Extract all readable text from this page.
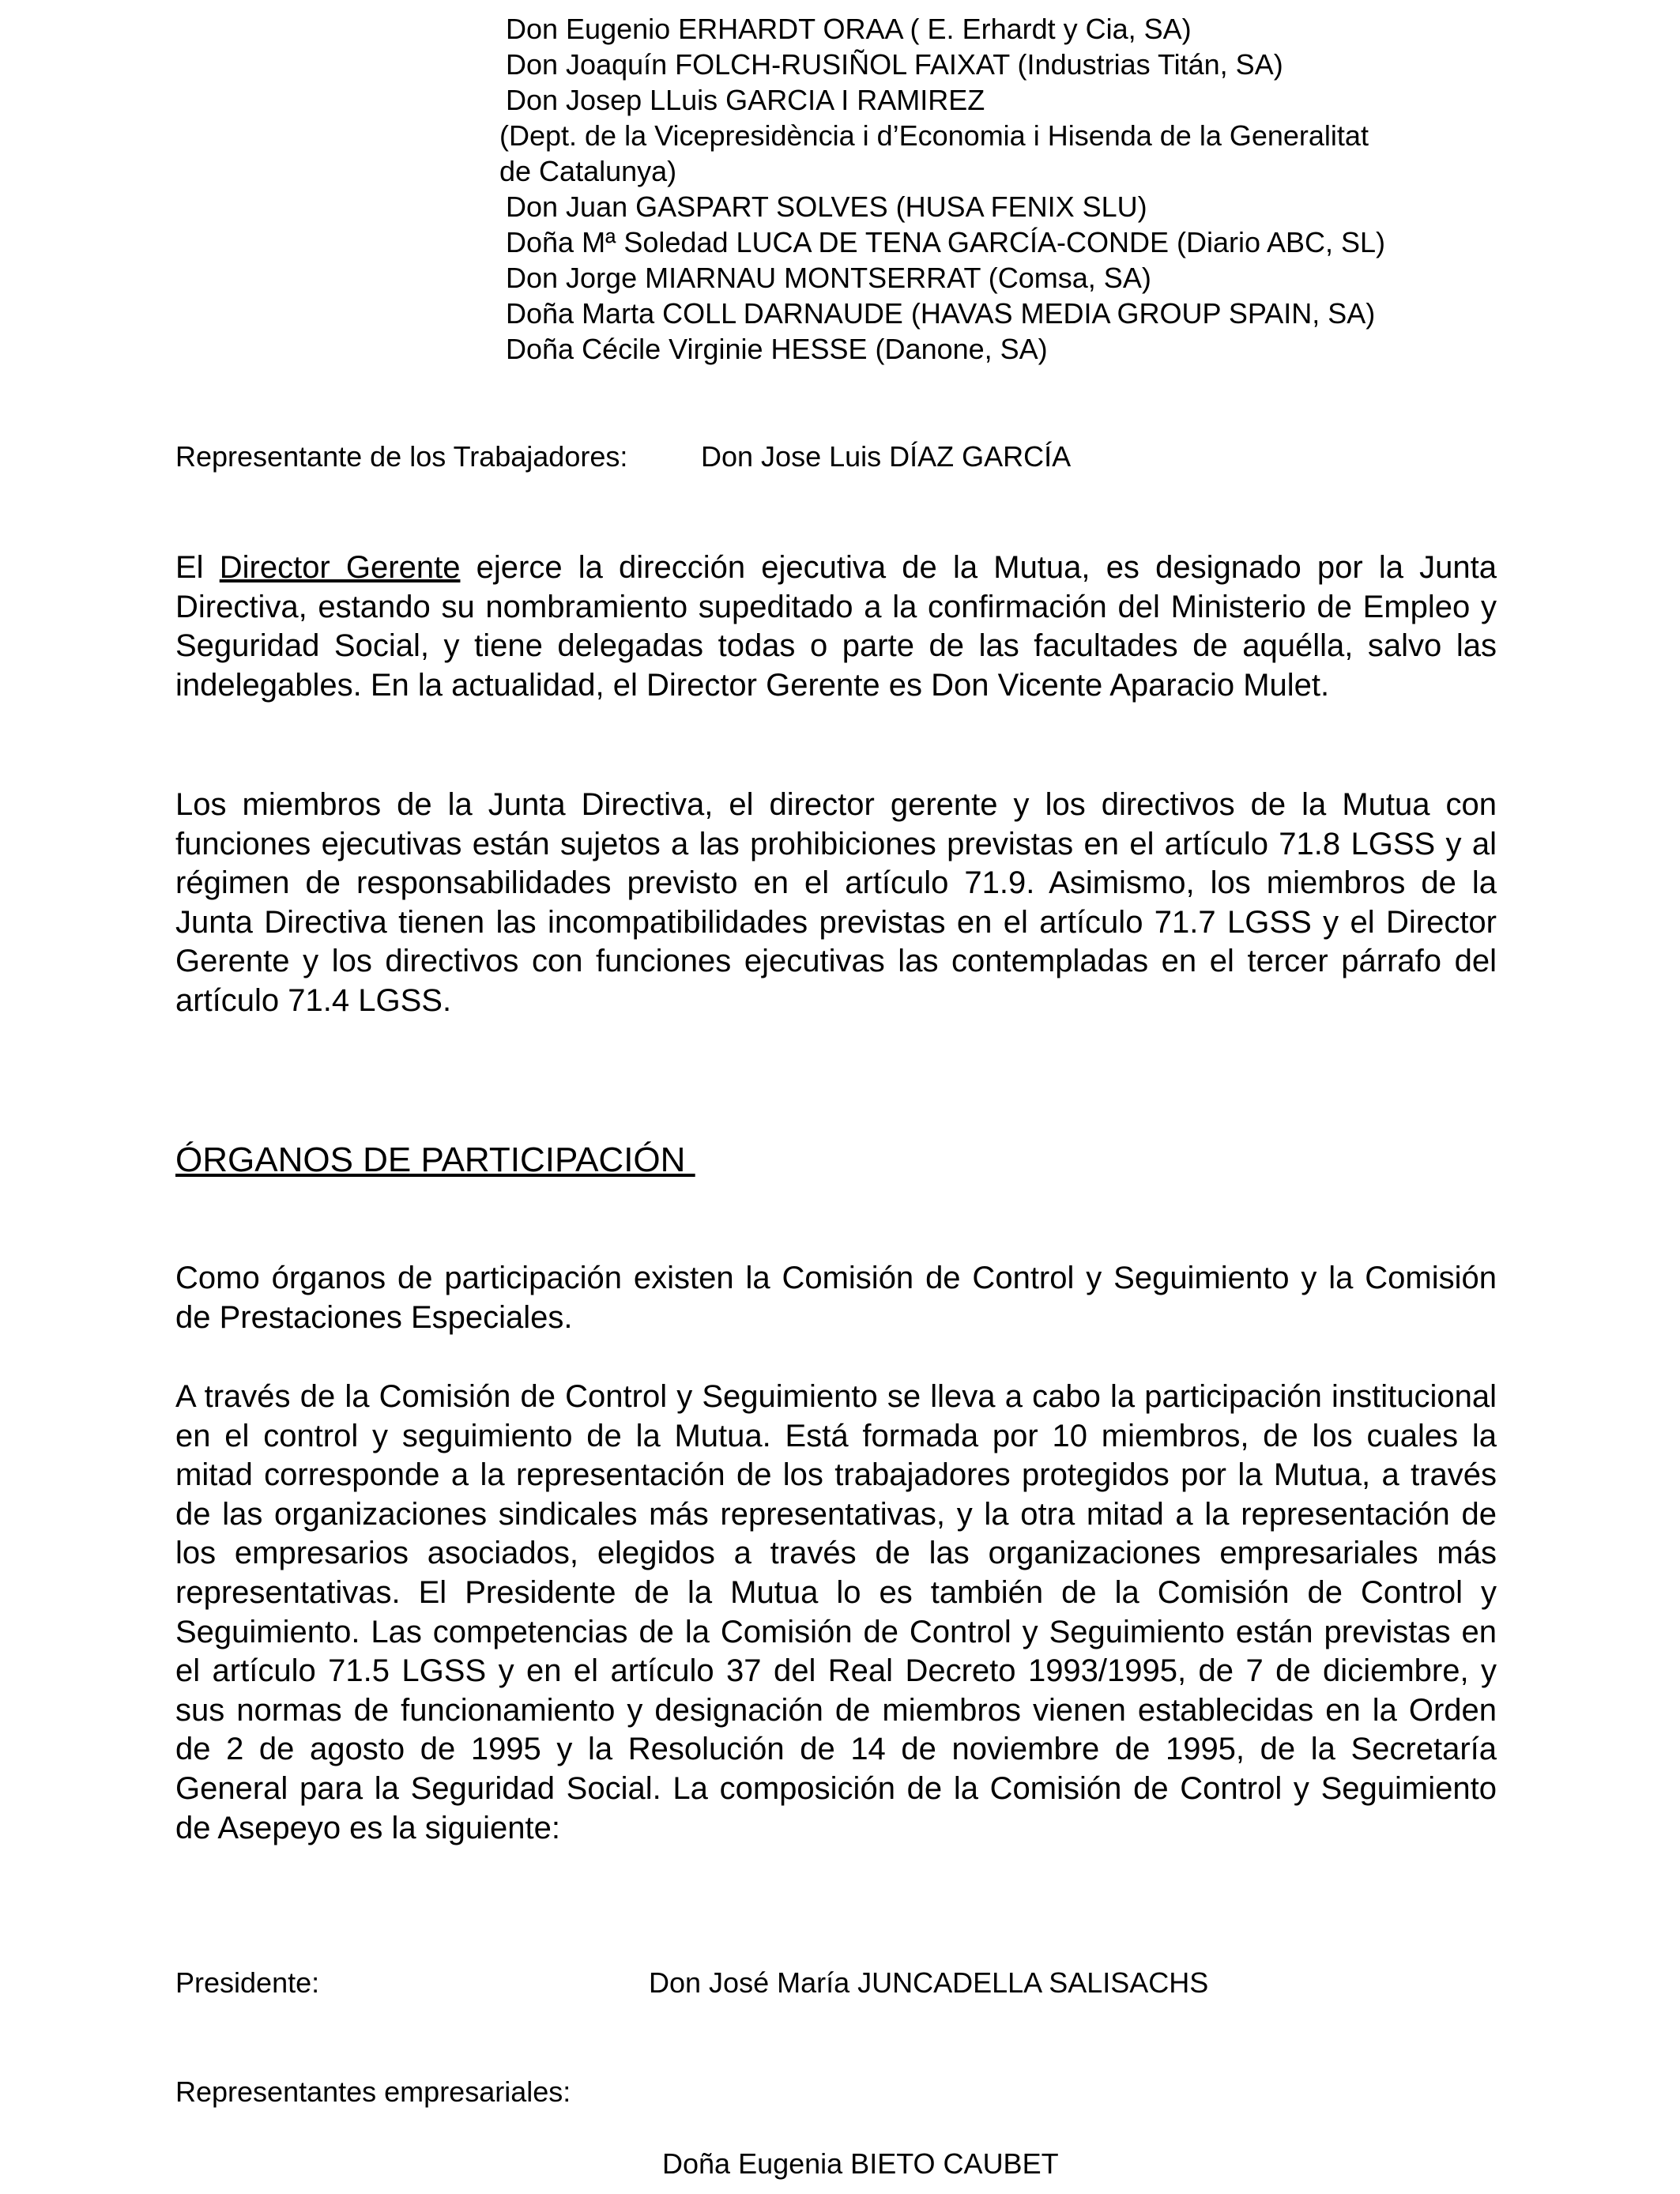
Don Eugenio ERHARDT ORAA ( E. Erhardt y Cia, SA)
Don Joaquín FOLCH-RUSIÑOL FAIXAT (Industrias Titán, SA)
Don Josep LLuis GARCIA I RAMIREZ
(Dept. de la Vicepresidència i d’Economia i Hisenda de la Generalitat
de Catalunya)
Don Juan GASPART SOLVES (HUSA FENIX SLU)
Doña Mª Soledad LUCA DE TENA GARCÍA-CONDE (Diario ABC, SL)
Don Jorge MIARNAU MONTSERRAT (Comsa, SA)
Doña Marta COLL DARNAUDE (HAVAS MEDIA GROUP SPAIN, SA)
Doña Cécile Virginie HESSE (Danone, SA)
Representante de los Trabajadores:	Don Jose Luis DÍAZ GARCÍA

El Director Gerente ejerce la dirección ejecutiva de la Mutua, es designado por la Junta Directiva, estando su nombramiento supeditado a la confirmación del Ministerio de Empleo y Seguridad Social, y tiene delegadas todas o parte de las facultades de aquélla, salvo las indelegables. En la actualidad, el Director Gerente es Don Vicente Aparacio Mulet.

Los miembros de la Junta Directiva, el director gerente y los directivos de la Mutua con funciones ejecutivas están sujetos a las prohibiciones previstas en el artículo 71.8 LGSS y al régimen de responsabilidades previsto en el artículo 71.9. Asimismo, los miembros de la Junta Directiva tienen las incompatibilidades previstas en el artículo 71.7 LGSS y el Director Gerente y los directivos con funciones ejecutivas las contempladas en el tercer párrafo del artículo 71.4 LGSS.

ÓRGANOS DE PARTICIPACIÓN

Como órganos de participación existen la Comisión de Control y Seguimiento y la Comisión de Prestaciones Especiales.

A través de la Comisión de Control y Seguimiento se lleva a cabo la participación institucional en el control y seguimiento de la Mutua. Está formada por 10 miembros, de los cuales la mitad corresponde a la representación de los trabajadores protegidos por la Mutua, a través de las organizaciones sindicales más representativas, y la otra mitad a la representación de los empresarios asociados, elegidos a través de las organizaciones empresariales más representativas. El Presidente de la Mutua lo es también de la Comisión de Control y Seguimiento. Las competencias de la Comisión de Control y Seguimiento están previstas en el artículo 71.5 LGSS y en el artículo 37 del Real Decreto 1993/1995, de 7 de diciembre, y sus normas de funcionamiento y designación de miembros vienen establecidas en la Orden de 2 de agosto de 1995 y la Resolución de 14 de noviembre de 1995, de la Secretaría General para la Seguridad Social. La composición de la Comisión de Control y Seguimiento de Asepeyo es la siguiente:

Presidente:	Don José María JUNCADELLA SALISACHS
Representantes empresariales:
Doña Eugenia BIETO CAUBET
